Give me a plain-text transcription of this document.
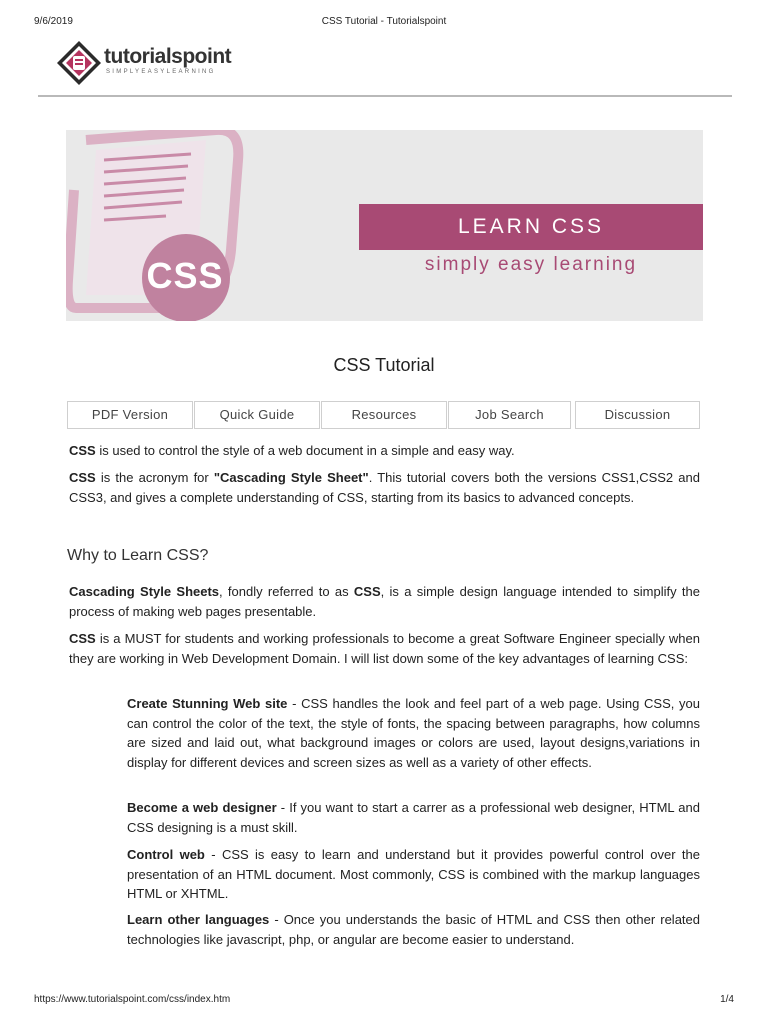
9/6/2019	CSS Tutorial - Tutorialspoint
tutorialspoint
SIMPLYEASYLEARNING
CSS
LEARN CSS
simply easy learning
CSS Tutorial
PDF Version	Quick Guide	Resources	Job Search	Discussion

CSS is used to control the style of a web document in a simple and easy way.

CSS is the acronym for "Cascading Style Sheet". This tutorial covers both the versions CSS1,CSS2 and CSS3, and gives a complete understanding of CSS, starting from its basics to advanced concepts.

Why to Learn CSS?

Cascading Style Sheets, fondly referred to as CSS, is a simple design language intended to simplify the process of making web pages presentable.

CSS is a MUST for students and working professionals to become a great Software Engineer specially when they are working in Web Development Domain. I will list down some of the key advantages of learning CSS:

Create Stunning Web site - CSS handles the look and feel part of a web page. Using CSS, you can control the color of the text, the style of fonts, the spacing between paragraphs, how columns are sized and laid out, what background images or colors are used, layout designs,variations in display for different devices and screen sizes as well as a variety of other effects.

Become a web designer - If you want to start a carrer as a professional web designer, HTML and CSS designing is a must skill.

Control web - CSS is easy to learn and understand but it provides powerful control over the presentation of an HTML document. Most commonly, CSS is combined with the markup languages HTML or XHTML.

Learn other languages - Once you understands the basic of HTML and CSS then other related technologies like javascript, php, or angular are become easier to understand.

https://www.tutorialspoint.com/css/index.htm	1/4
